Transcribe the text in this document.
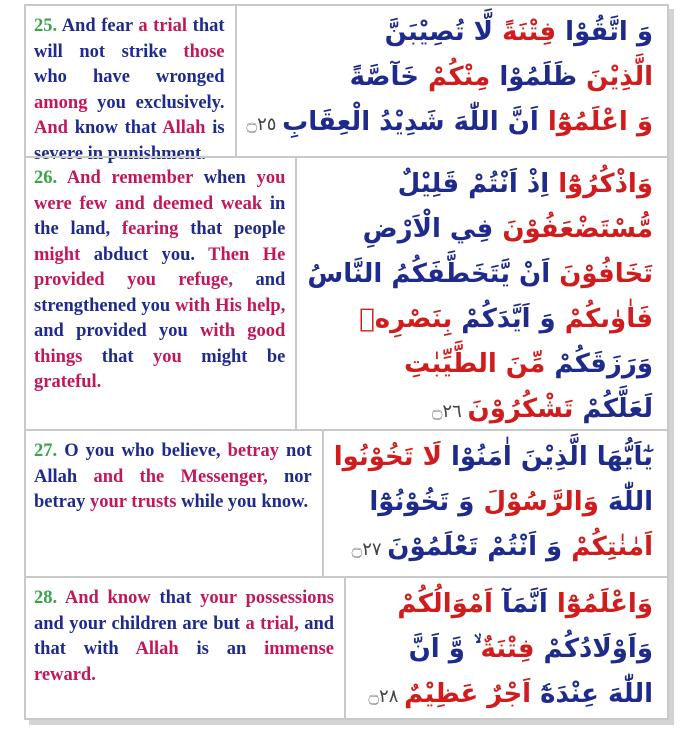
25. And fear a trial that will not strike those who have wronged among you exclusively. And know that Allah is severe in punishment.
وَ اتَّقُوْا فِتْنَةً لَّا تُصِيْبَنَّ
الَّذِيْنَ ظَلَمُوْا مِنْكُمْ خَآصَّةً
وَ اعْلَمُوْٓا اَنَّ اللّٰهَ شَدِيْدُ الْعِقَابِ ۝٢٥
26. And remember when you were few and deemed weak in the land, fearing that people might abduct you. Then He provided you refuge, and strengthened you with His help, and provided you with good things that you might be grateful.
وَاذْكُرُوْٓا اِذْ اَنْتُمْ قَلِيْلٌ
مُّسْتَضْعَفُوْنَ فِي الْاَرْضِ
تَخَافُوْنَ اَنْ يَّتَخَطَّفَكُمُ النَّاسُ
فَاٰوٰىكُمْ وَ اَيَّدَكُمْ بِنَصْرِهٖ
وَرَزَقَكُمْ مِّنَ الطَّيِّبٰتِ
لَعَلَّكُمْ تَشْكُرُوْنَ ۝٢٦
27. O you who believe, betray not Allah and the Messenger, nor betray your trusts while you know.
يٰٓاَيُّهَا الَّذِيْنَ اٰمَنُوْا لَا تَخُوْنُوا
اللّٰهَ وَالرَّسُوْلَ وَ تَخُوْنُوْٓا
اَمٰنٰتِكُمْ وَ اَنْتُمْ تَعْلَمُوْنَ ۝٢٧
28. And know that your possessions and your children are but a trial, and that with Allah is an immense reward.
وَاعْلَمُوْٓا اَنَّمَآ اَمْوَالُكُمْ
وَاَوْلَادُكُمْ فِتْنَةٌ ۙ وَّ اَنَّ
اللّٰهَ عِنْدَهٗٓ اَجْرٌ عَظِيْمٌ ۝٢٨
